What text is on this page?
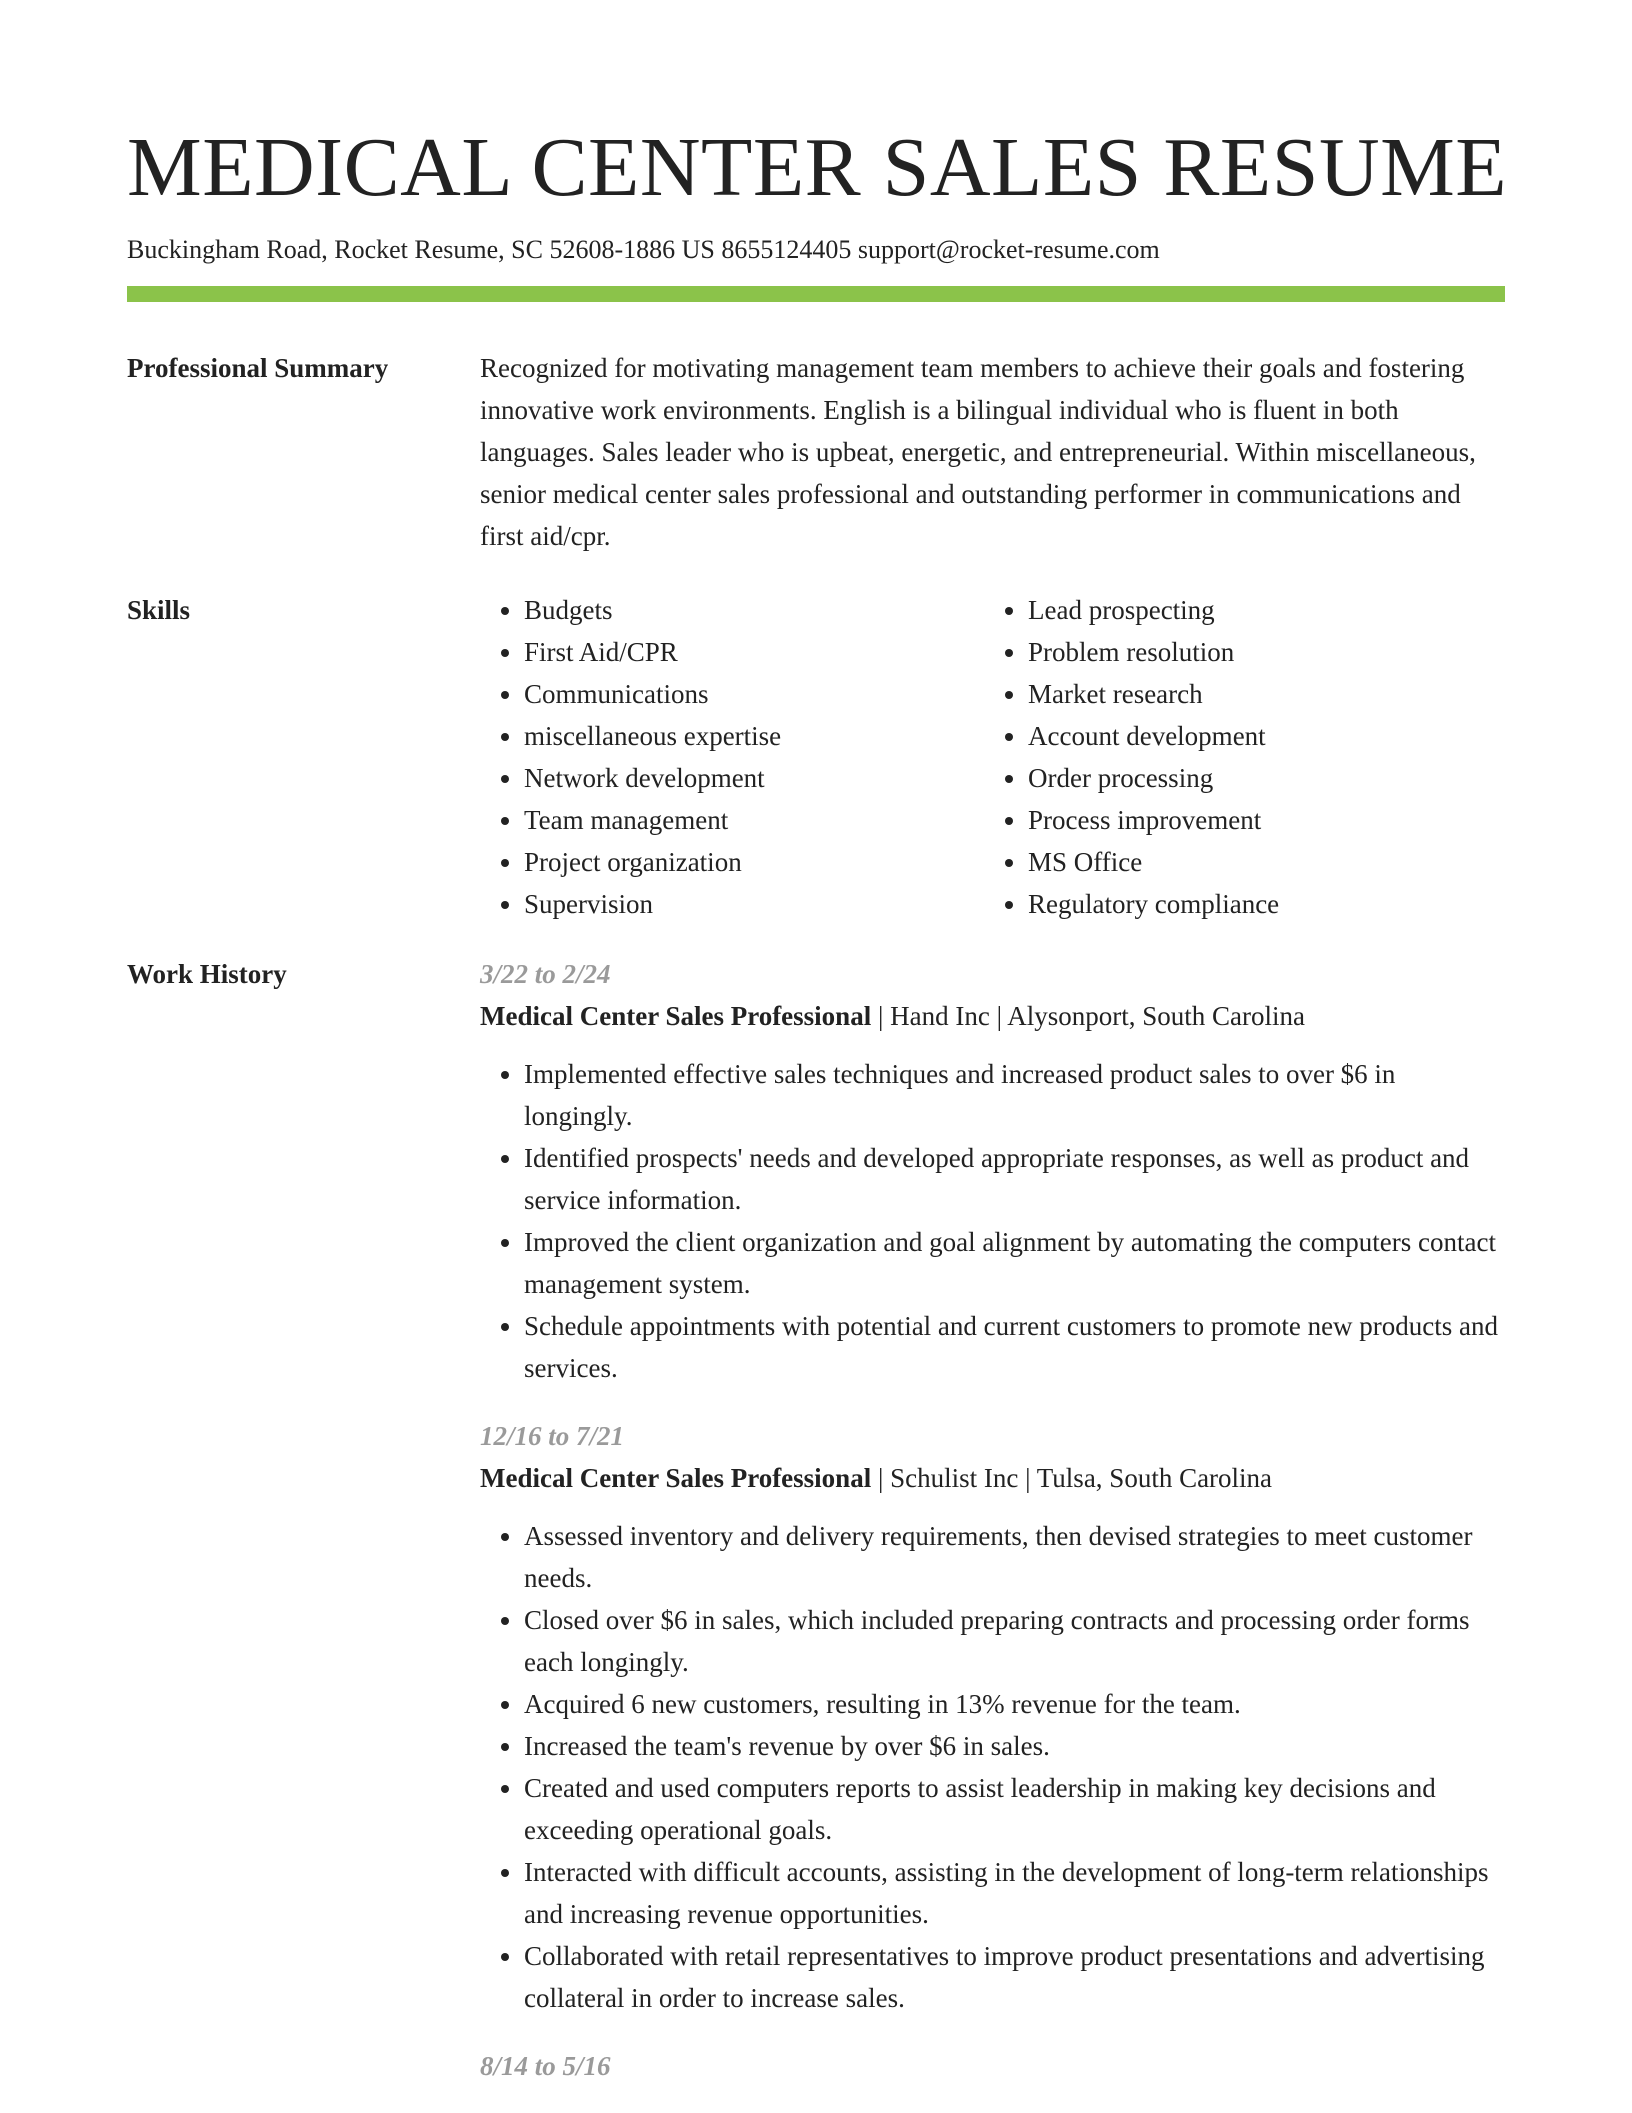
MEDICAL CENTER SALES RESUME
Buckingham Road, Rocket Resume, SC 52608-1886 US 8655124405 support@rocket-resume.com
Professional Summary	Recognized for motivating management team members to achieve their goals and fostering innovative work environments. English is a bilingual individual who is fluent in both languages. Sales leader who is upbeat, energetic, and entrepreneurial. Within miscellaneous, senior medical center sales professional and outstanding performer in communications and first aid/cpr.

Skills
•	Budgets
• First Aid/CPR
• Communications
• miscellaneous expertise
• Network development
• Team management
• Project organization
• Supervision
• Lead prospecting
• Problem resolution
• Market research
• Account development
• Order processing
• Process improvement
• MS Office
• Regulatory compliance
Work History	3/22 to 2/24
Medical Center Sales Professional | Hand Inc | Alysonport, South Carolina
• Implemented effective sales techniques and increased product sales to over $6 in longingly.
• Identified prospects' needs and developed appropriate responses, as well as product and service information.
• Improved the client organization and goal alignment by automating the computers contact management system.
• Schedule appointments with potential and current customers to promote new products and services.
12/16 to 7/21
Medical Center Sales Professional | Schulist Inc | Tulsa, South Carolina
• Assessed inventory and delivery requirements, then devised strategies to meet customer needs.
• Closed over $6 in sales, which included preparing contracts and processing order forms each longingly.
• Acquired 6 new customers, resulting in 13% revenue for the team.
• Increased the team's revenue by over $6 in sales.
• Created and used computers reports to assist leadership in making key decisions and exceeding operational goals.
• Interacted with difficult accounts, assisting in the development of long-term relationships and increasing revenue opportunities.
• Collaborated with retail representatives to improve product presentations and advertising collateral in order to increase sales.
8/14 to 5/16
